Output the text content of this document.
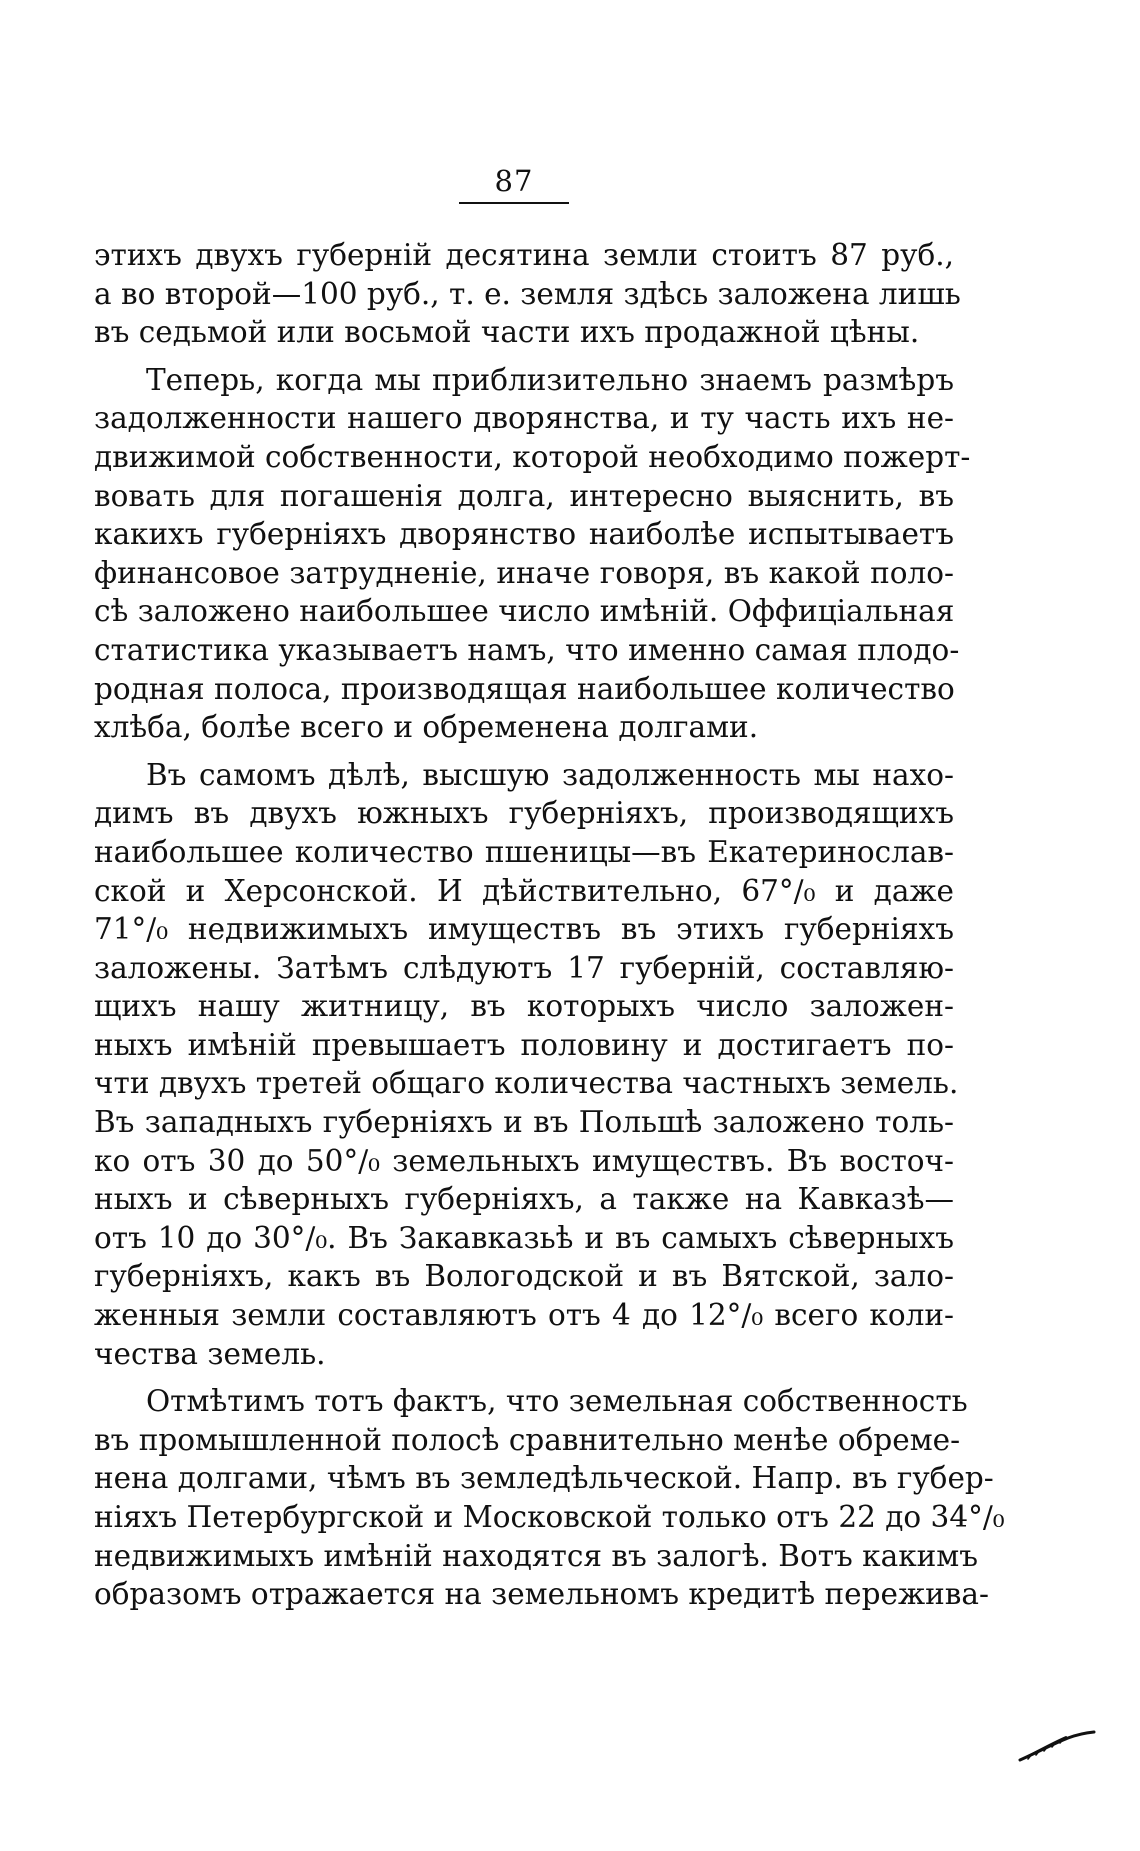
87
этихъ двухъ губерній десятина земли стоитъ 87 руб.,
а во второй—100 руб., т. е. земля здѣсь заложена лишь
въ седьмой или восьмой части ихъ продажной цѣны.
Теперь, когда мы приблизительно знаемъ размѣръ
задолженности нашего дворянства, и ту часть ихъ не-
движимой собственности, которой необходимо пожерт-
вовать для погашенія долга, интересно выяснить, въ
какихъ губерніяхъ дворянство наиболѣе испытываетъ
финансовое затрудненіе, иначе говоря, въ какой поло-
сѣ заложено наибольшее число имѣній. Оффиціальная
статистика указываетъ намъ, что именно самая плодо-
родная полоса, производящая наибольшее количество
хлѣба, болѣе всего и обременена долгами.
Въ самомъ дѣлѣ, высшую задолженность мы нахо-
димъ въ двухъ южныхъ губерніяхъ, производящихъ
наибольшее количество пшеницы—въ Екатеринослав-
ской и Херсонской. И дѣйствительно, 67°/₀ и даже
71°/₀ недвижимыхъ имуществъ въ этихъ губерніяхъ
заложены. Затѣмъ слѣдуютъ 17 губерній, составляю-
щихъ нашу житницу, въ которыхъ число заложен-
ныхъ имѣній превышаетъ половину и достигаетъ по-
чти двухъ третей общаго количества частныхъ земель.
Въ западныхъ губерніяхъ и въ Польшѣ заложено толь-
ко отъ 30 до 50°/₀ земельныхъ имуществъ. Въ восточ-
ныхъ и сѣверныхъ губерніяхъ, а также на Кавказѣ—
отъ 10 до 30°/₀. Въ Закавказьѣ и въ самыхъ сѣверныхъ
губерніяхъ, какъ въ Вологодской и въ Вятской, зало-
женныя земли составляютъ отъ 4 до 12°/₀ всего коли-
чества земель.
Отмѣтимъ тотъ фактъ, что земельная собственность
въ промышленной полосѣ сравнительно менѣе обреме-
нена долгами, чѣмъ въ земледѣльческой. Напр. въ губер-
ніяхъ Петербургской и Московской только отъ 22 до 34°/₀
недвижимыхъ имѣній находятся въ залогѣ. Вотъ какимъ
образомъ отражается на земельномъ кредитѣ пережива-
